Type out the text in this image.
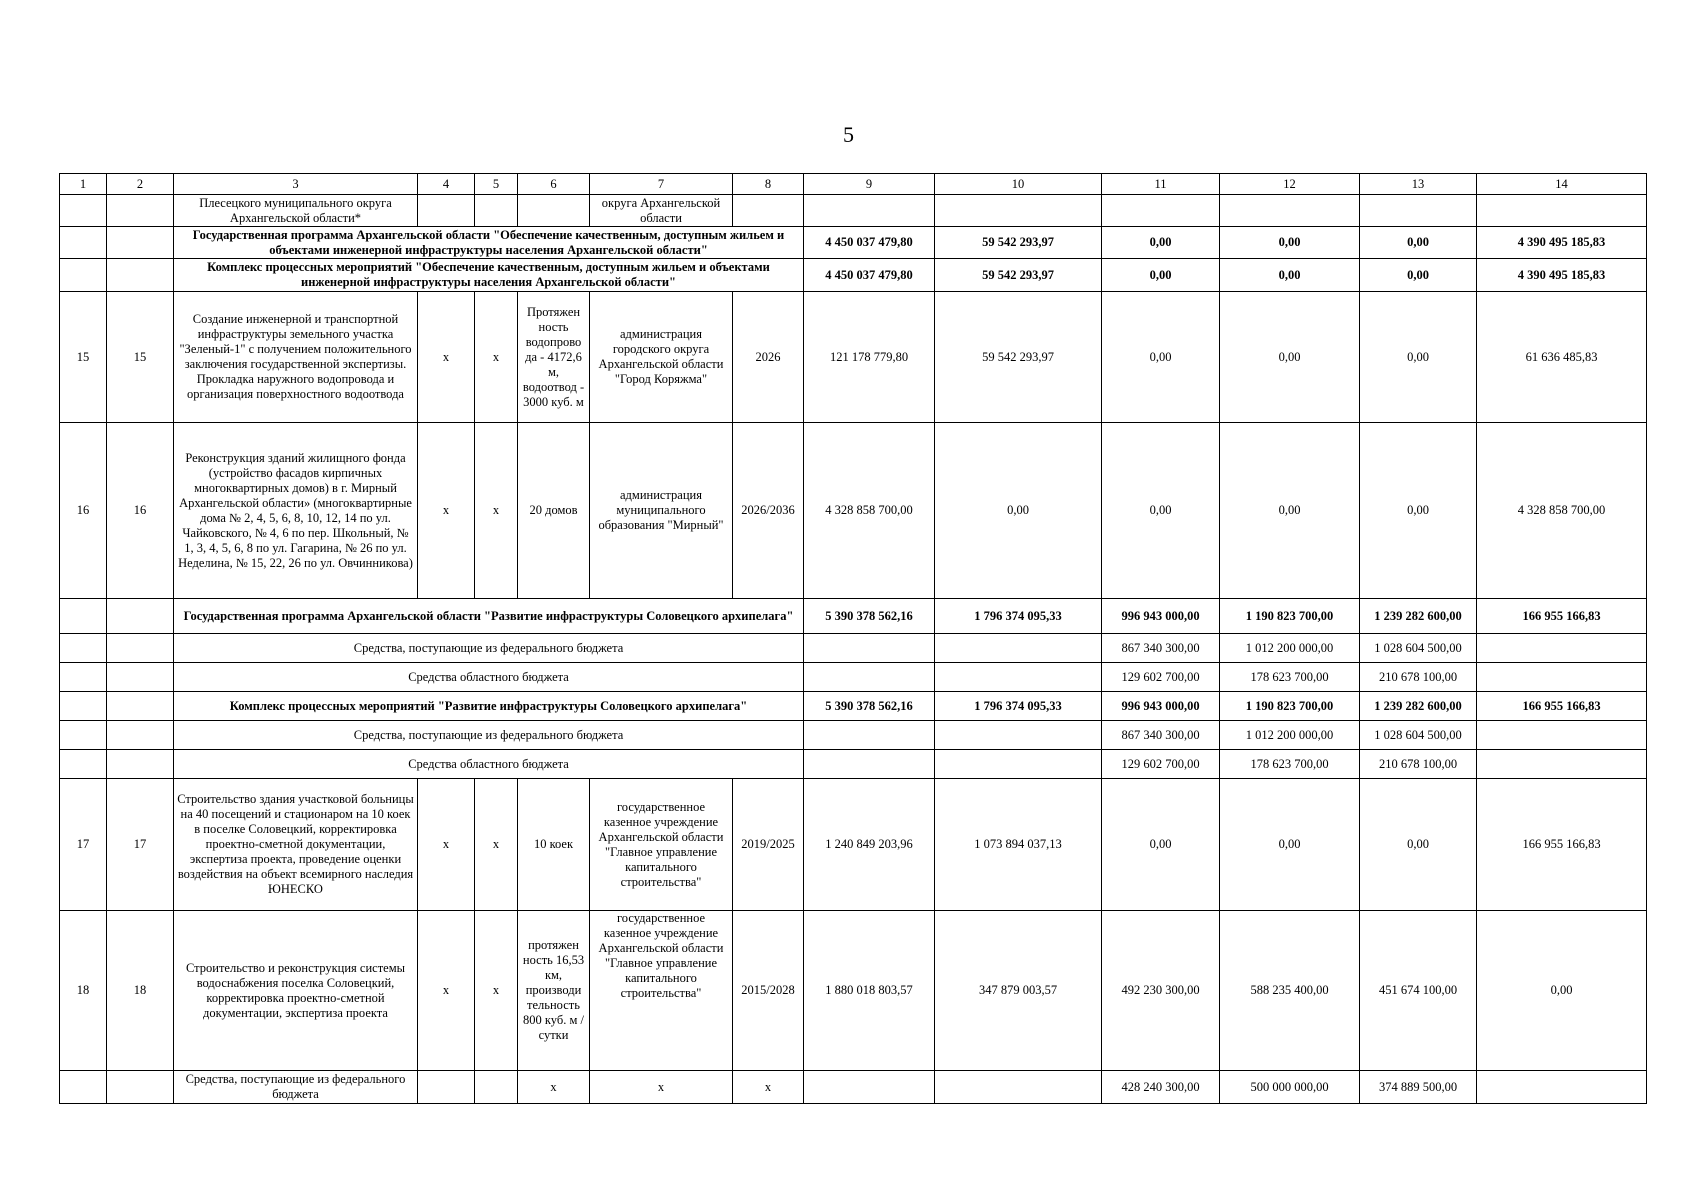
5
1	2	3	4	5	6	7	8	9	10	11	12	13	14
		Плесецкого муниципального округа Архангельской области*				округа Архангельской области							
		Государственная программа Архангельской области "Обеспечение качественным, доступным жильем и объектами инженерной инфраструктуры населения Архангельской области"						4 450 037 479,80	59 542 293,97	0,00	0,00	0,00	4 390 495 185,83
		Комплекс процессных мероприятий "Обеспечение качественным, доступным жильем и объектами инженерной инфраструктуры населения Архангельской области"						4 450 037 479,80	59 542 293,97	0,00	0,00	0,00	4 390 495 185,83
15	15	Создание инженерной и транспортной инфраструктуры земельного участка "Зеленый-1" с получением положительного заключения государственной экспертизы. Прокладка наружного водопровода и организация поверхностного водоотвода	х	х	Протяжен ность водопрово да - 4172,6 м, водоотвод - 3000 куб. м	администрация городского округа Архангельской области "Город Коряжма"	2026	121 178 779,80	59 542 293,97	0,00	0,00	0,00	61 636 485,83
16	16	Реконструкция зданий жилищного фонда (устройство фасадов кирпичных многоквартирных домов) в г. Мирный Архангельской области» (многоквартирные дома № 2, 4, 5, 6, 8, 10, 12, 14 по ул. Чайковского, № 4, 6 по пер. Школьный, № 1, 3, 4, 5, 6, 8 по ул. Гагарина, № 26 по ул. Неделина, № 15, 22, 26 по ул. Овчинникова)	х	х	20 домов	администрация муниципального образования "Мирный"	2026/2036	4 328 858 700,00	0,00	0,00	0,00	0,00	4 328 858 700,00
		Государственная программа Архангельской области "Развитие инфраструктуры Соловецкого архипелага"						5 390 378 562,16	1 796 374 095,33	996 943 000,00	1 190 823 700,00	1 239 282 600,00	166 955 166,83
		Средства, поступающие из федерального бюджета								867 340 300,00	1 012 200 000,00	1 028 604 500,00	
		Средства областного бюджета								129 602 700,00	178 623 700,00	210 678 100,00	
		Комплекс процессных мероприятий "Развитие инфраструктуры Соловецкого архипелага"						5 390 378 562,16	1 796 374 095,33	996 943 000,00	1 190 823 700,00	1 239 282 600,00	166 955 166,83
		Средства, поступающие из федерального бюджета								867 340 300,00	1 012 200 000,00	1 028 604 500,00	
		Средства областного бюджета								129 602 700,00	178 623 700,00	210 678 100,00	
17	17	Строительство здания участковой больницы на 40 посещений и стационаром на 10 коек в поселке Соловецкий, корректировка проектно-сметной документации, экспертиза проекта, проведение оценки воздействия на объект всемирного наследия ЮНЕСКО	х	х	10 коек	государственное казенное учреждение Архангельской области "Главное управление капитального строительства"	2019/2025	1 240 849 203,96	1 073 894 037,13	0,00	0,00	0,00	166 955 166,83
18	18	Строительство и реконструкция системы водоснабжения поселка Соловецкий, корректировка проектно-сметной документации, экспертиза проекта	х	х	протяжен ность 16,53 км, производи тельность 800 куб. м / сутки	государственное казенное учреждение Архангельской области "Главное управление капитального строительства"	2015/2028	1 880 018 803,57	347 879 003,57	492 230 300,00	588 235 400,00	451 674 100,00	0,00
		Средства, поступающие из федерального бюджета			х	х	х			428 240 300,00	500 000 000,00	374 889 500,00	
